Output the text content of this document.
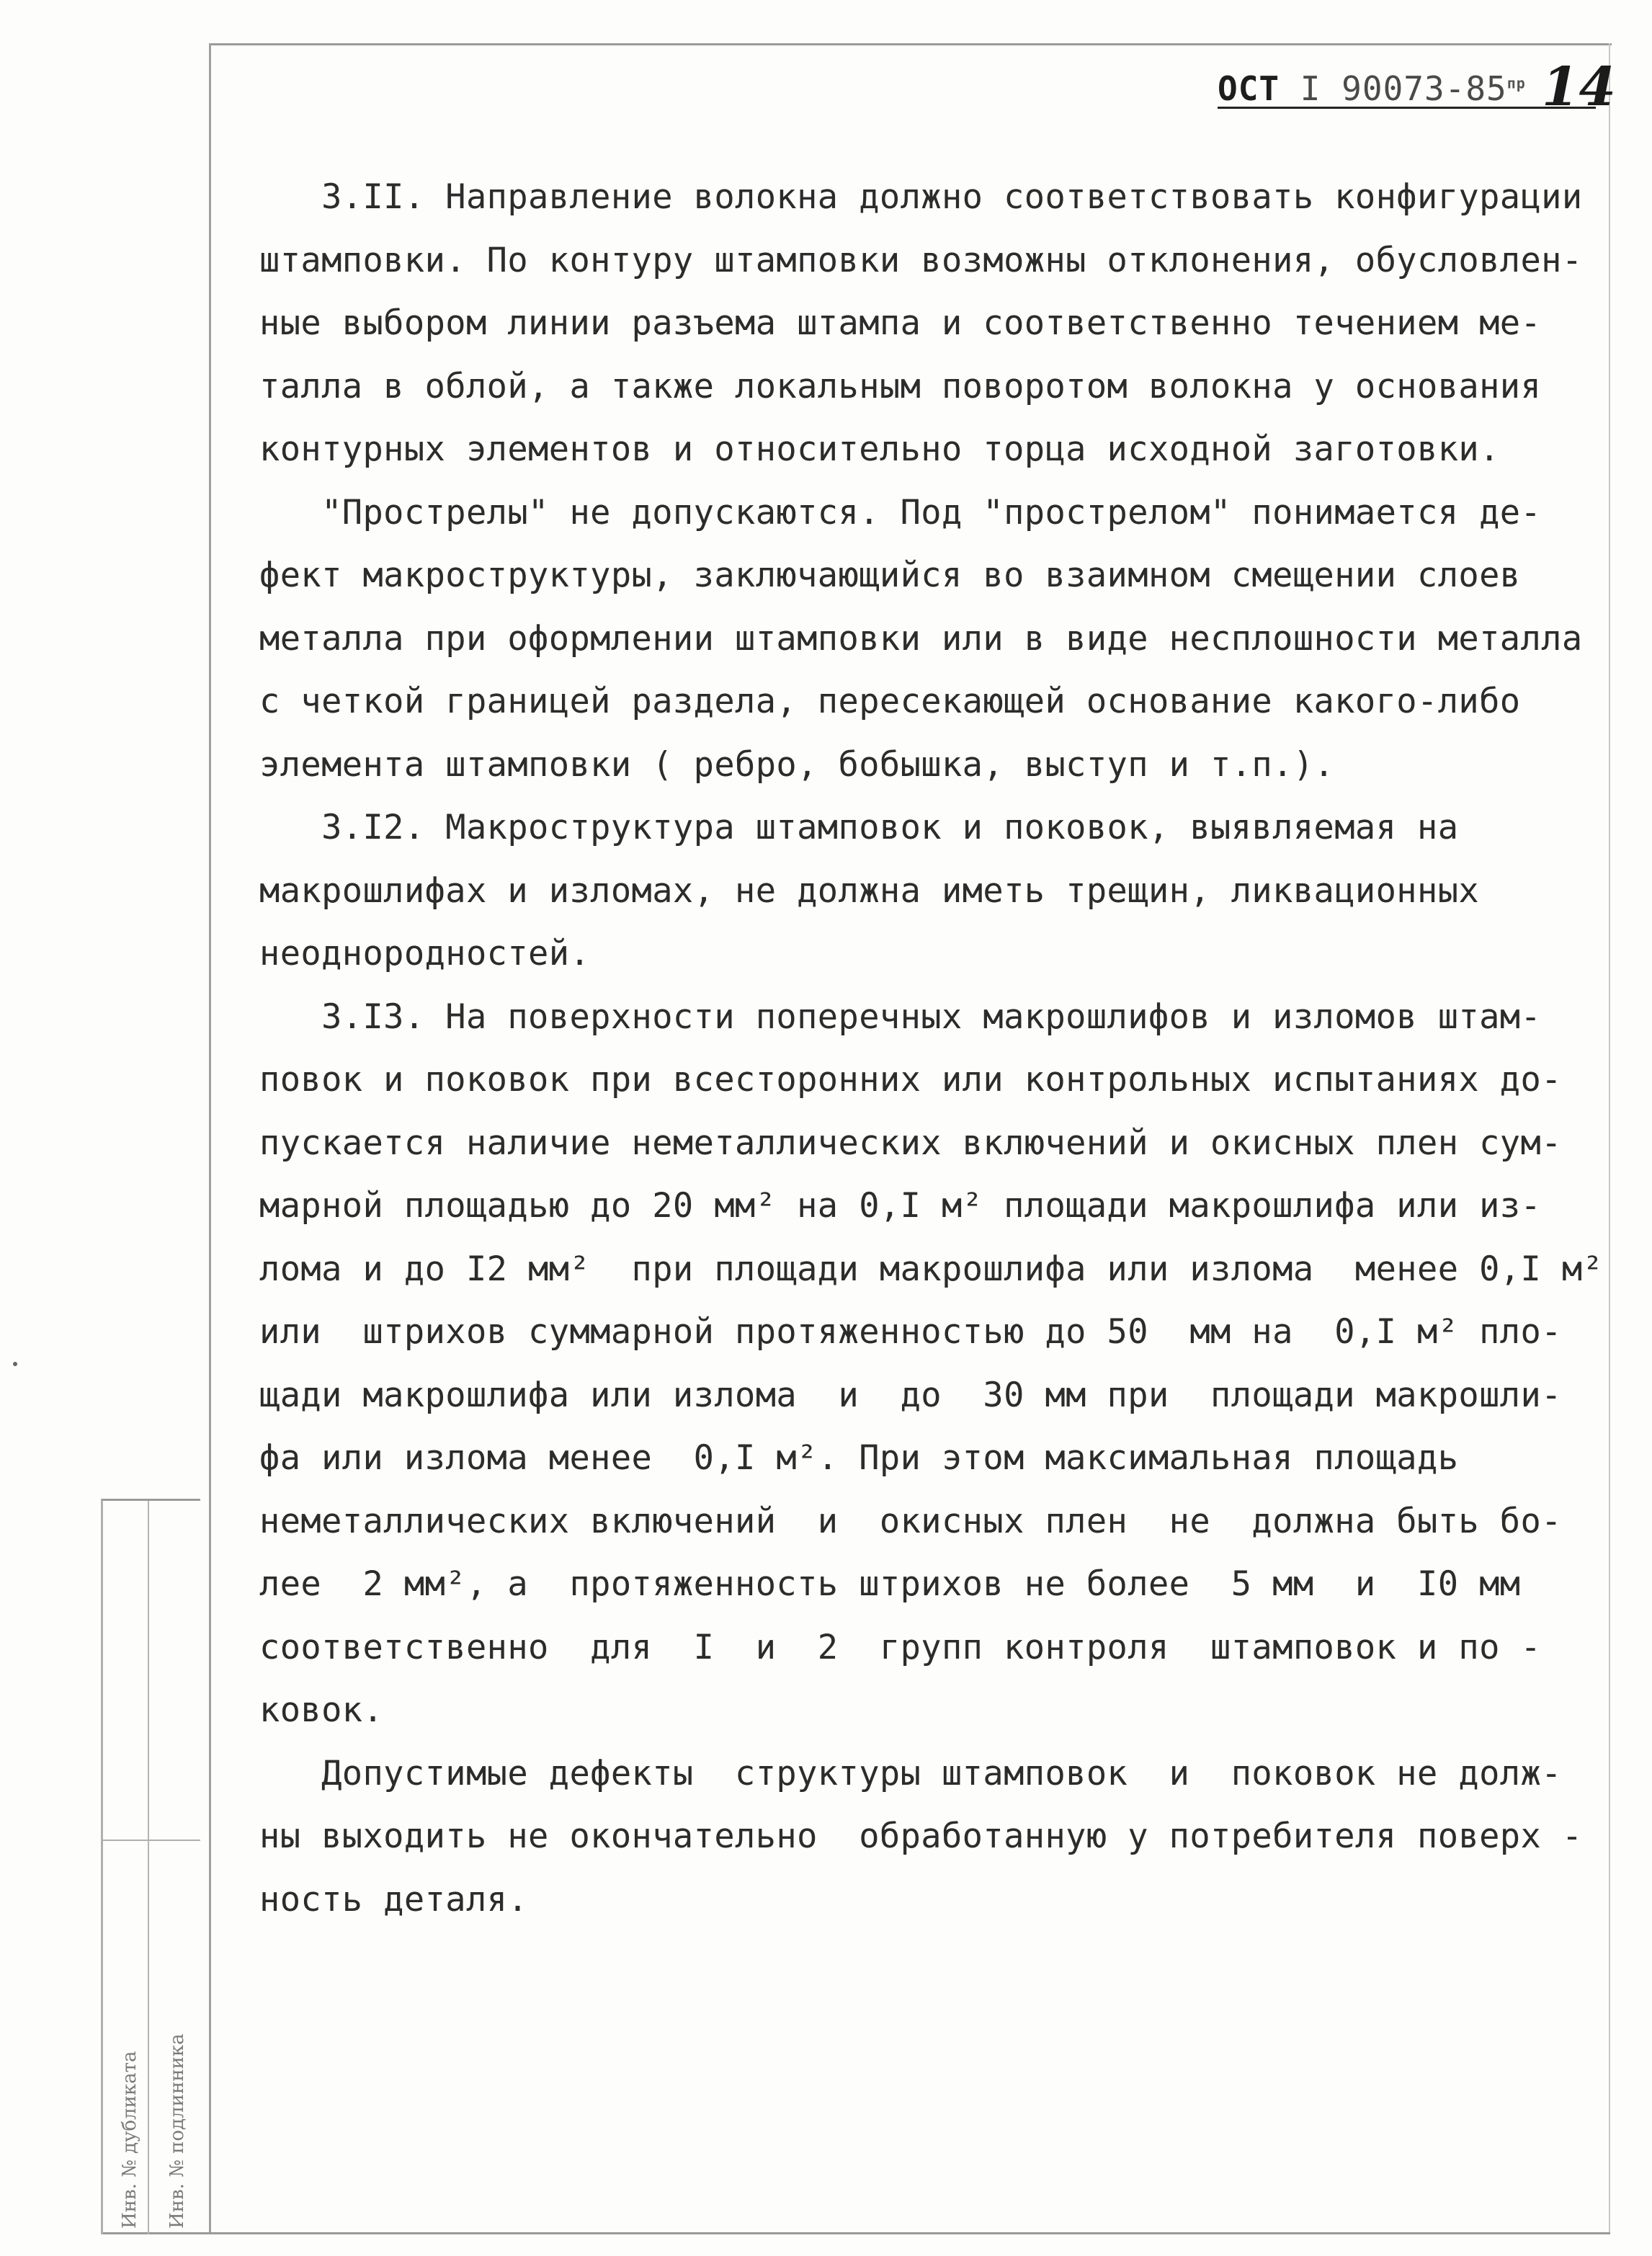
ОСТ I $90073-85^{пр}$ 14

3.II. Направление волокна должно соответствовать конфигурации

штамповки. По контуру штамповки возможны отклонения, обусловлен-

ные выбором линии разъема штампа и соответственно течением ме-

талла в облой, а также локальным поворотом волокна у основания

контурных элементов и относительно торца исходной заготовки.

"Прострелы" не допускаются. Под "прострелом" понимается де-

фект макроструктуры, заключающийся во взаимном смещении слоев

металла при оформлении штамповки или в виде несплошности металла

с четкой границей раздела, пересекающей основание какого-либо

элемента штамповки ( ребро, бобышка, выступ и т.п.).

3.I2. Макроструктура штамповок и поковок, выявляемая на

макрошлифах и изломах, не должна иметь трещин, ликвационных

неоднородностей.

3.I3. На поверхности поперечных макрошлифов и изломов штам-

повок и поковок при всесторонних или контрольных испытаниях до-

пускается наличие неметаллических включений и окисных плен сум-

марной площадью до 20 мм² на 0,I м² площади макрошлифа или из-

лома и до I2 мм²  при площади макрошлифа или излома  менее 0,I м²

или  штрихов суммарной протяженностью до 50  мм на  0,I м² пло-

щади макрошлифа или излома  и  до  30 мм при  площади макрошли-

фа или излома менее  0,I м². При этом максимальная площадь

неметаллических включений  и  окисных плен  не  должна быть бо-

лее  2 мм², а  протяженность штрихов не более  5 мм  и  I0 мм

соответственно  для  I  и  2  групп контроля  штамповок и по -

ковок.

Допустимые дефекты  структуры штамповок  и  поковок не долж-

ны выходить не окончательно  обработанную у потребителя поверх -

ность деталя.

Инв. № дубликата Инв. № подлинника
